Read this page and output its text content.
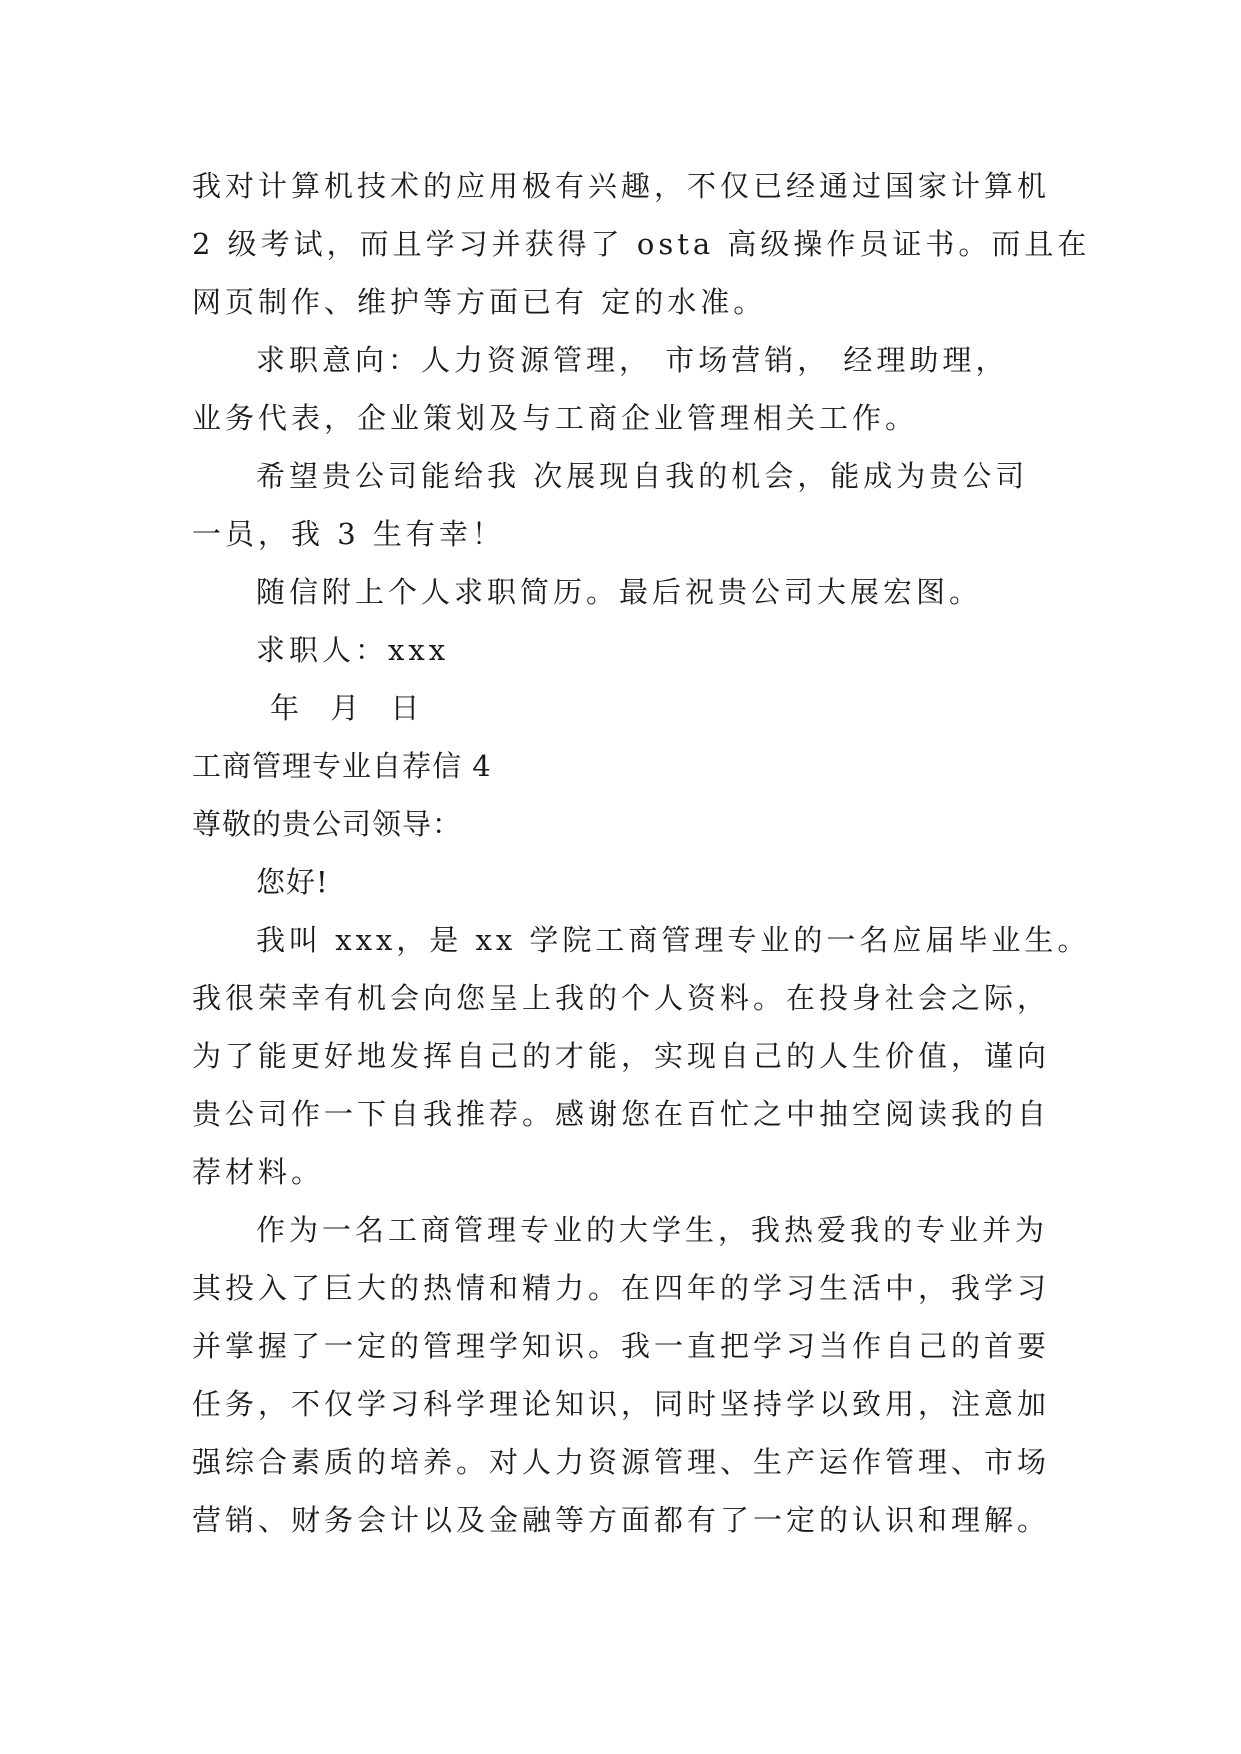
我对计算机技术的应用极有兴趣，不仅已经通过国家计算机
2 级考试，而且学习并获得了 osta 高级操作员证书。而且在
网页制作、维护等方面已有 定的水准。
求职意向：人力资源管理， 市场营销， 经理助理，
业务代表，企业策划及与工商企业管理相关工作。
希望贵公司能给我 次展现自我的机会，能成为贵公司
一员，我 3 生有幸！
随信附上个人求职简历。最后祝贵公司大展宏图。
求职人：xxx
年 月 日
工商管理专业自荐信 4
尊敬的贵公司领导：
您好!
我叫 xxx，是 xx 学院工商管理专业的一名应届毕业生。
我很荣幸有机会向您呈上我的个人资料。在投身社会之际，
为了能更好地发挥自己的才能，实现自己的人生价值，谨向
贵公司作一下自我推荐。感谢您在百忙之中抽空阅读我的自
荐材料。
作为一名工商管理专业的大学生，我热爱我的专业并为
其投入了巨大的热情和精力。在四年的学习生活中，我学习
并掌握了一定的管理学知识。我一直把学习当作自己的首要
任务，不仅学习科学理论知识，同时坚持学以致用，注意加
强综合素质的培养。对人力资源管理、生产运作管理、市场
营销、财务会计以及金融等方面都有了一定的认识和理解。
